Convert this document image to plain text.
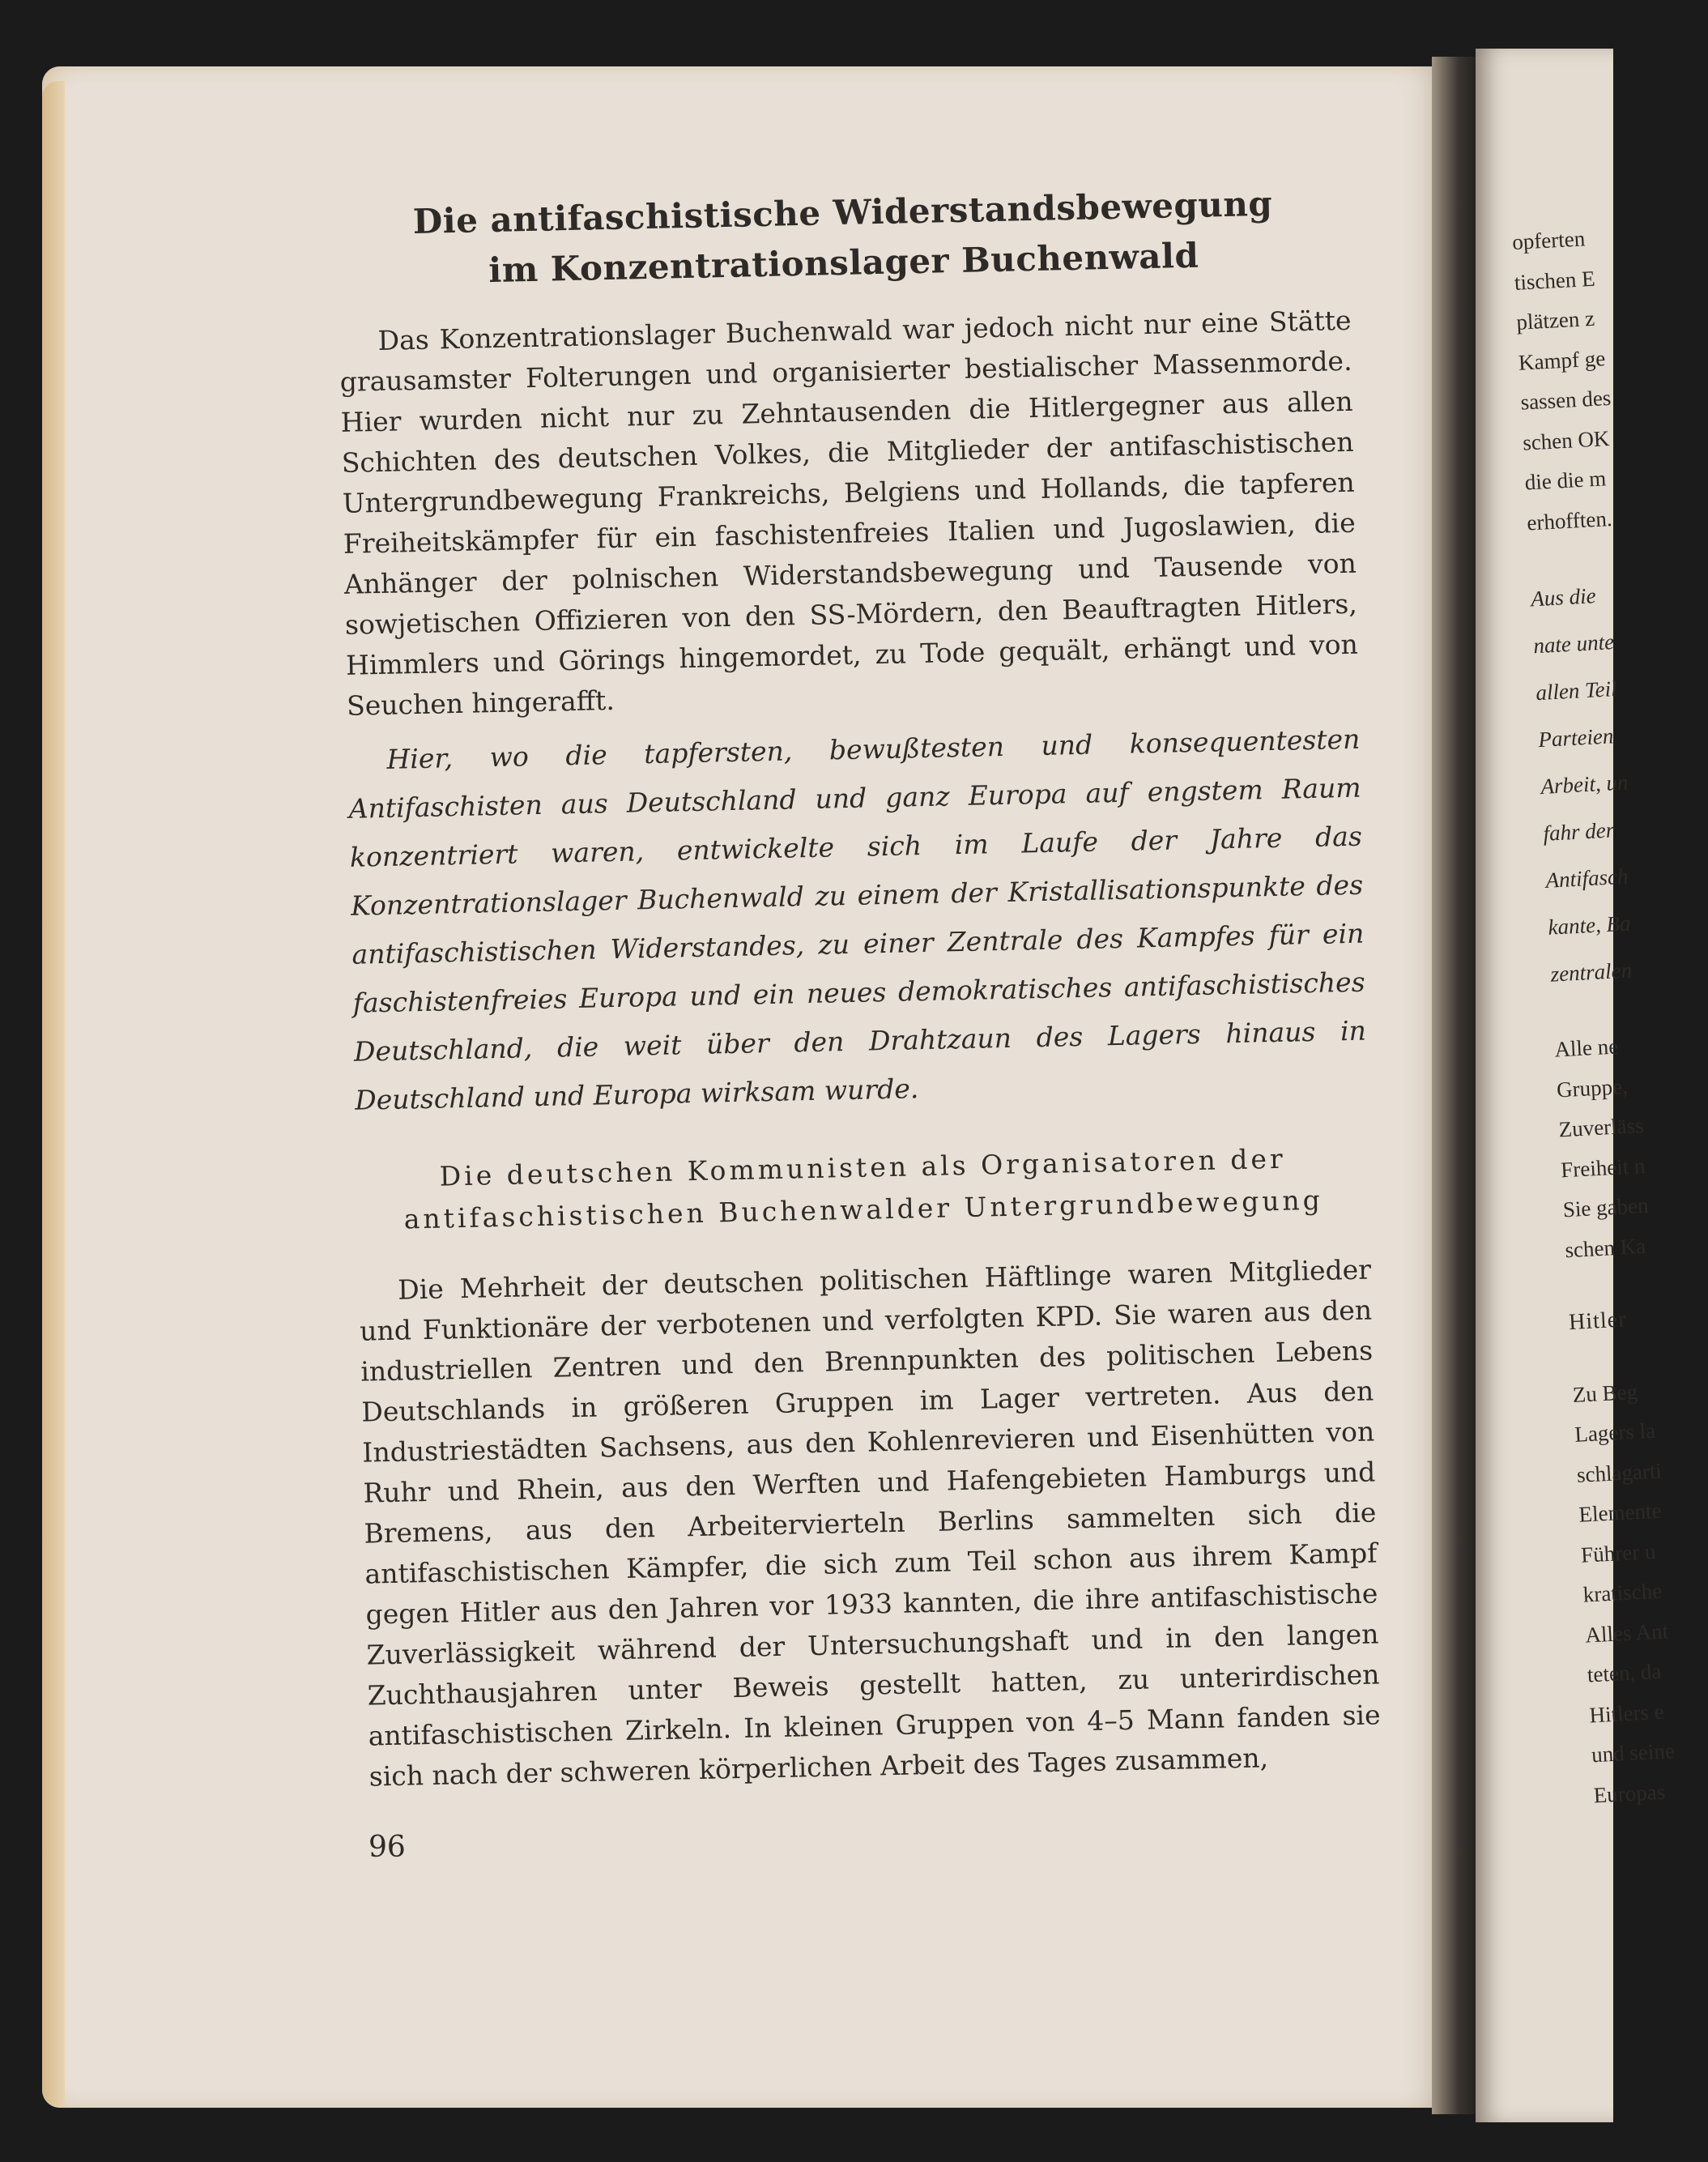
opferten
tischen E
plätzen z
Kampf ge
sassen des
schen OK
die die m
erhofften.
Aus die
nate unte
allen Teil
Parteien
Arbeit, un
fahr der
Antifasch
kante, Ba
zentralen
Alle ne
Gruppe,
Zuverläss
Freiheit n
Sie gaben
schen Ka
Hitler
Zu Beg
Lagers la
schlagarti
Elemente
Führer u
kratische
Alles Ant
teten, da
Hitlers e
und seine
Europas
Die antifaschistische Widerstandsbewegung
im Konzentrationslager Buchenwald

Das Konzentrationslager Buchenwald war jedoch nicht nur eine Stätte grausamster Folterungen und organisierter bestialischer Massenmorde. Hier wurden nicht nur zu Zehntausenden die Hitlergegner aus allen Schichten des deutschen Volkes, die Mitglieder der antifaschistischen Untergrundbewegung Frankreichs, Belgiens und Hollands, die tapferen Freiheitskämpfer für ein faschistenfreies Italien und Jugoslawien, die Anhänger der polnischen Widerstandsbewegung und Tausende von sowjetischen Offizieren von den SS-Mördern, den Beauftragten Hitlers, Himmlers und Görings hingemordet, zu Tode gequält, erhängt und von Seuchen hingerafft.

Hier, wo die tapfersten, bewußtesten und konsequentesten Antifaschisten aus Deutschland und ganz Europa auf engstem Raum konzentriert waren, entwickelte sich im Laufe der Jahre das Konzentrationslager Buchenwald zu einem der Kristallisationspunkte des antifaschistischen Widerstandes, zu einer Zentrale des Kampfes für ein faschistenfreies Europa und ein neues demokratisches antifaschistisches Deutschland, die weit über den Drahtzaun des Lagers hinaus in Deutschland und Europa wirksam wurde.

Die deutschen Kommunisten als Organisatoren der
antifaschistischen Buchenwalder Untergrundbewegung

Die Mehrheit der deutschen politischen Häftlinge waren Mitglieder und Funktionäre der verbotenen und verfolgten KPD. Sie waren aus den industriellen Zentren und den Brennpunkten des politischen Lebens Deutschlands in größeren Gruppen im Lager vertreten. Aus den Industriestädten Sachsens, aus den Kohlenrevieren und Eisenhütten von Ruhr und Rhein, aus den Werften und Hafengebieten Hamburgs und Bremens, aus den Arbeitervierteln Berlins sammelten sich die antifaschistischen Kämpfer, die sich zum Teil schon aus ihrem Kampf gegen Hitler aus den Jahren vor 1933 kannten, die ihre antifaschistische Zuverlässigkeit während der Untersuchungshaft und in den langen Zuchthausjahren unter Beweis gestellt hatten, zu unterirdischen antifaschistischen Zirkeln. In kleinen Gruppen von 4–5 Mann fanden sie sich nach der schweren körperlichen Arbeit des Tages zusammen,

96
